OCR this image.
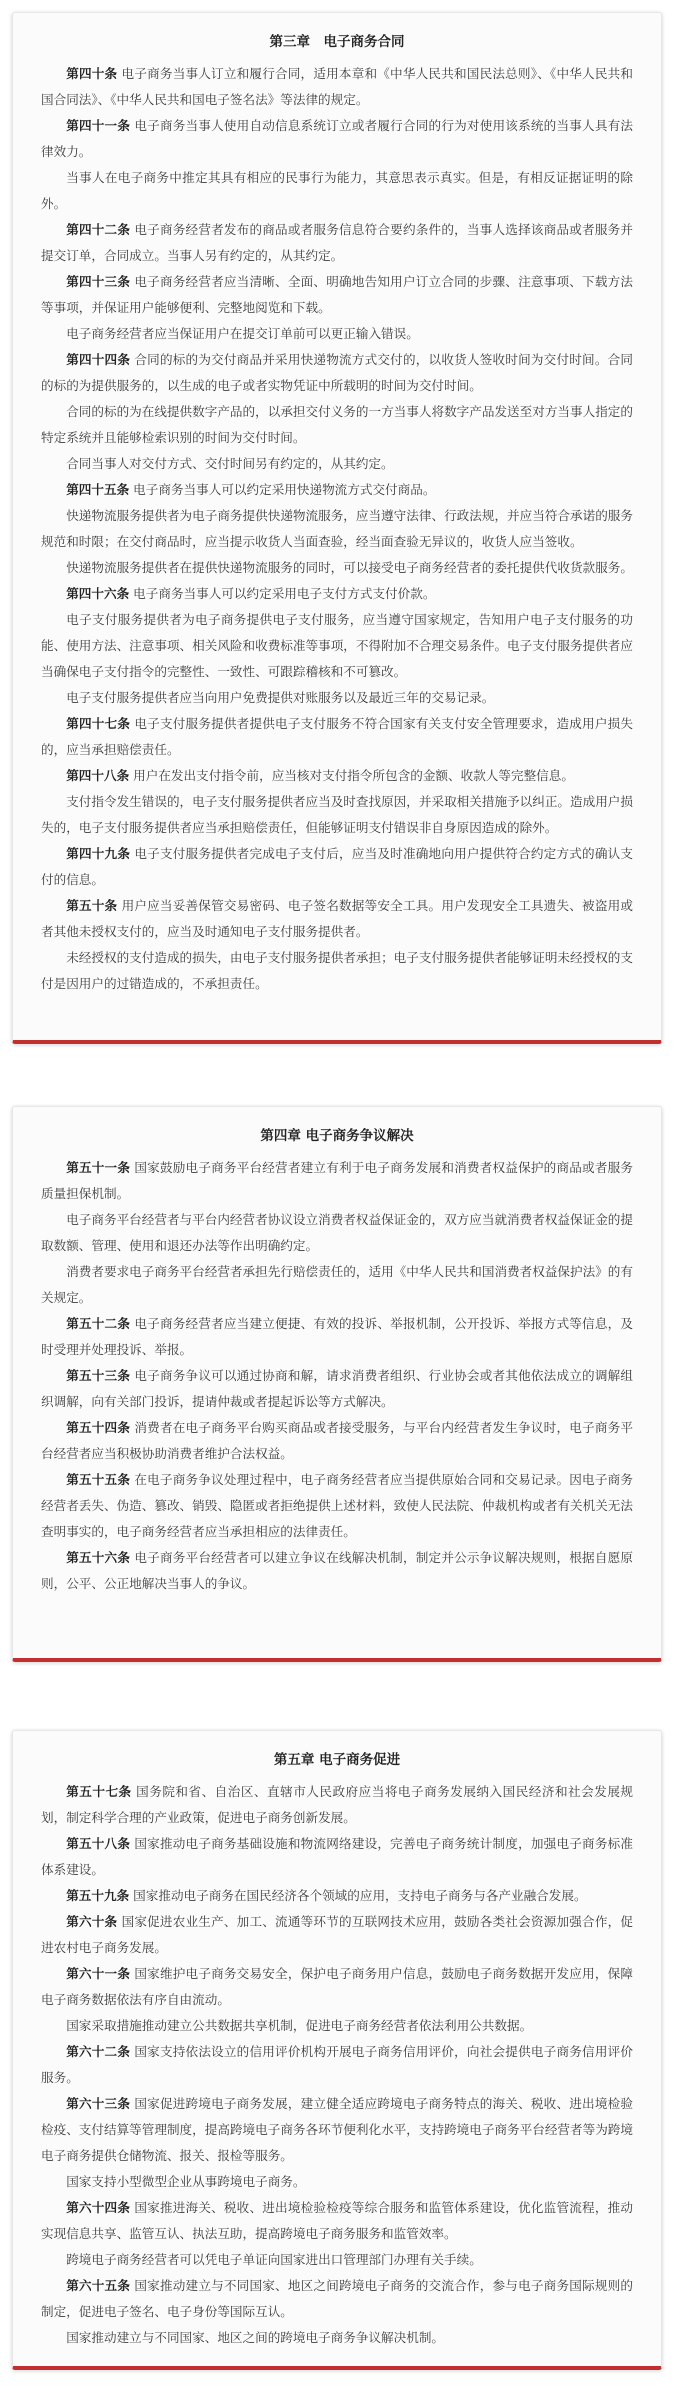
第三章　电子商务合同

第四十条 电子商务当事人订立和履行合同，适用本章和《中华人民共和国民法总则》、《中华人民共和国合同法》、《中华人民共和国电子签名法》等法律的规定。

第四十一条 电子商务当事人使用自动信息系统订立或者履行合同的行为对使用该系统的当事人具有法律效力。

当事人在电子商务中推定其具有相应的民事行为能力，其意思表示真实。但是，有相反证据证明的除外。

第四十二条 电子商务经营者发布的商品或者服务信息符合要约条件的，当事人选择该商品或者服务并提交订单，合同成立。当事人另有约定的，从其约定。

第四十三条 电子商务经营者应当清晰、全面、明确地告知用户订立合同的步骤、注意事项、下载方法等事项，并保证用户能够便利、完整地阅览和下载。

电子商务经营者应当保证用户在提交订单前可以更正输入错误。

第四十四条 合同的标的为交付商品并采用快递物流方式交付的，以收货人签收时间为交付时间。合同的标的为提供服务的，以生成的电子或者实物凭证中所载明的时间为交付时间。

合同的标的为在线提供数字产品的，以承担交付义务的一方当事人将数字产品发送至对方当事人指定的特定系统并且能够检索识别的时间为交付时间。

合同当事人对交付方式、交付时间另有约定的，从其约定。

第四十五条 电子商务当事人可以约定采用快递物流方式交付商品。

快递物流服务提供者为电子商务提供快递物流服务，应当遵守法律、行政法规，并应当符合承诺的服务规范和时限；在交付商品时，应当提示收货人当面查验，经当面查验无异议的，收货人应当签收。

快递物流服务提供者在提供快递物流服务的同时，可以接受电子商务经营者的委托提供代收货款服务。

第四十六条 电子商务当事人可以约定采用电子支付方式支付价款。

电子支付服务提供者为电子商务提供电子支付服务，应当遵守国家规定，告知用户电子支付服务的功能、使用方法、注意事项、相关风险和收费标准等事项，不得附加不合理交易条件。电子支付服务提供者应当确保电子支付指令的完整性、一致性、可跟踪稽核和不可篡改。

电子支付服务提供者应当向用户免费提供对账服务以及最近三年的交易记录。

第四十七条 电子支付服务提供者提供电子支付服务不符合国家有关支付安全管理要求，造成用户损失的，应当承担赔偿责任。

第四十八条 用户在发出支付指令前，应当核对支付指令所包含的金额、收款人等完整信息。

支付指令发生错误的，电子支付服务提供者应当及时查找原因，并采取相关措施予以纠正。造成用户损失的，电子支付服务提供者应当承担赔偿责任，但能够证明支付错误非自身原因造成的除外。

第四十九条 电子支付服务提供者完成电子支付后，应当及时准确地向用户提供符合约定方式的确认支付的信息。

第五十条 用户应当妥善保管交易密码、电子签名数据等安全工具。用户发现安全工具遗失、被盗用或者其他未授权支付的，应当及时通知电子支付服务提供者。

未经授权的支付造成的损失，由电子支付服务提供者承担；电子支付服务提供者能够证明未经授权的支付是因用户的过错造成的，不承担责任。

第四章 电子商务争议解决

第五十一条 国家鼓励电子商务平台经营者建立有利于电子商务发展和消费者权益保护的商品或者服务质量担保机制。

电子商务平台经营者与平台内经营者协议设立消费者权益保证金的，双方应当就消费者权益保证金的提取数额、管理、使用和退还办法等作出明确约定。

消费者要求电子商务平台经营者承担先行赔偿责任的，适用《中华人民共和国消费者权益保护法》的有关规定。

第五十二条 电子商务经营者应当建立便捷、有效的投诉、举报机制，公开投诉、举报方式等信息，及时受理并处理投诉、举报。

第五十三条 电子商务争议可以通过协商和解，请求消费者组织、行业协会或者其他依法成立的调解组织调解，向有关部门投诉，提请仲裁或者提起诉讼等方式解决。

第五十四条 消费者在电子商务平台购买商品或者接受服务，与平台内经营者发生争议时，电子商务平台经营者应当积极协助消费者维护合法权益。

第五十五条 在电子商务争议处理过程中，电子商务经营者应当提供原始合同和交易记录。因电子商务经营者丢失、伪造、篡改、销毁、隐匿或者拒绝提供上述材料，致使人民法院、仲裁机构或者有关机关无法查明事实的，电子商务经营者应当承担相应的法律责任。

第五十六条 电子商务平台经营者可以建立争议在线解决机制，制定并公示争议解决规则，根据自愿原则，公平、公正地解决当事人的争议。

第五章 电子商务促进

第五十七条 国务院和省、自治区、直辖市人民政府应当将电子商务发展纳入国民经济和社会发展规划，制定科学合理的产业政策，促进电子商务创新发展。

第五十八条 国家推动电子商务基础设施和物流网络建设，完善电子商务统计制度，加强电子商务标准体系建设。

第五十九条 国家推动电子商务在国民经济各个领域的应用，支持电子商务与各产业融合发展。

第六十条 国家促进农业生产、加工、流通等环节的互联网技术应用，鼓励各类社会资源加强合作，促进农村电子商务发展。

第六十一条 国家维护电子商务交易安全，保护电子商务用户信息，鼓励电子商务数据开发应用，保障电子商务数据依法有序自由流动。

国家采取措施推动建立公共数据共享机制，促进电子商务经营者依法利用公共数据。

第六十二条 国家支持依法设立的信用评价机构开展电子商务信用评价，向社会提供电子商务信用评价服务。

第六十三条 国家促进跨境电子商务发展，建立健全适应跨境电子商务特点的海关、税收、进出境检验检疫、支付结算等管理制度，提高跨境电子商务各环节便利化水平，支持跨境电子商务平台经营者等为跨境电子商务提供仓储物流、报关、报检等服务。

国家支持小型微型企业从事跨境电子商务。

第六十四条 国家推进海关、税收、进出境检验检疫等综合服务和监管体系建设，优化监管流程，推动实现信息共享、监管互认、执法互助，提高跨境电子商务服务和监管效率。

跨境电子商务经营者可以凭电子单证向国家进出口管理部门办理有关手续。

第六十五条 国家推动建立与不同国家、地区之间跨境电子商务的交流合作，参与电子商务国际规则的制定，促进电子签名、电子身份等国际互认。

国家推动建立与不同国家、地区之间的跨境电子商务争议解决机制。
